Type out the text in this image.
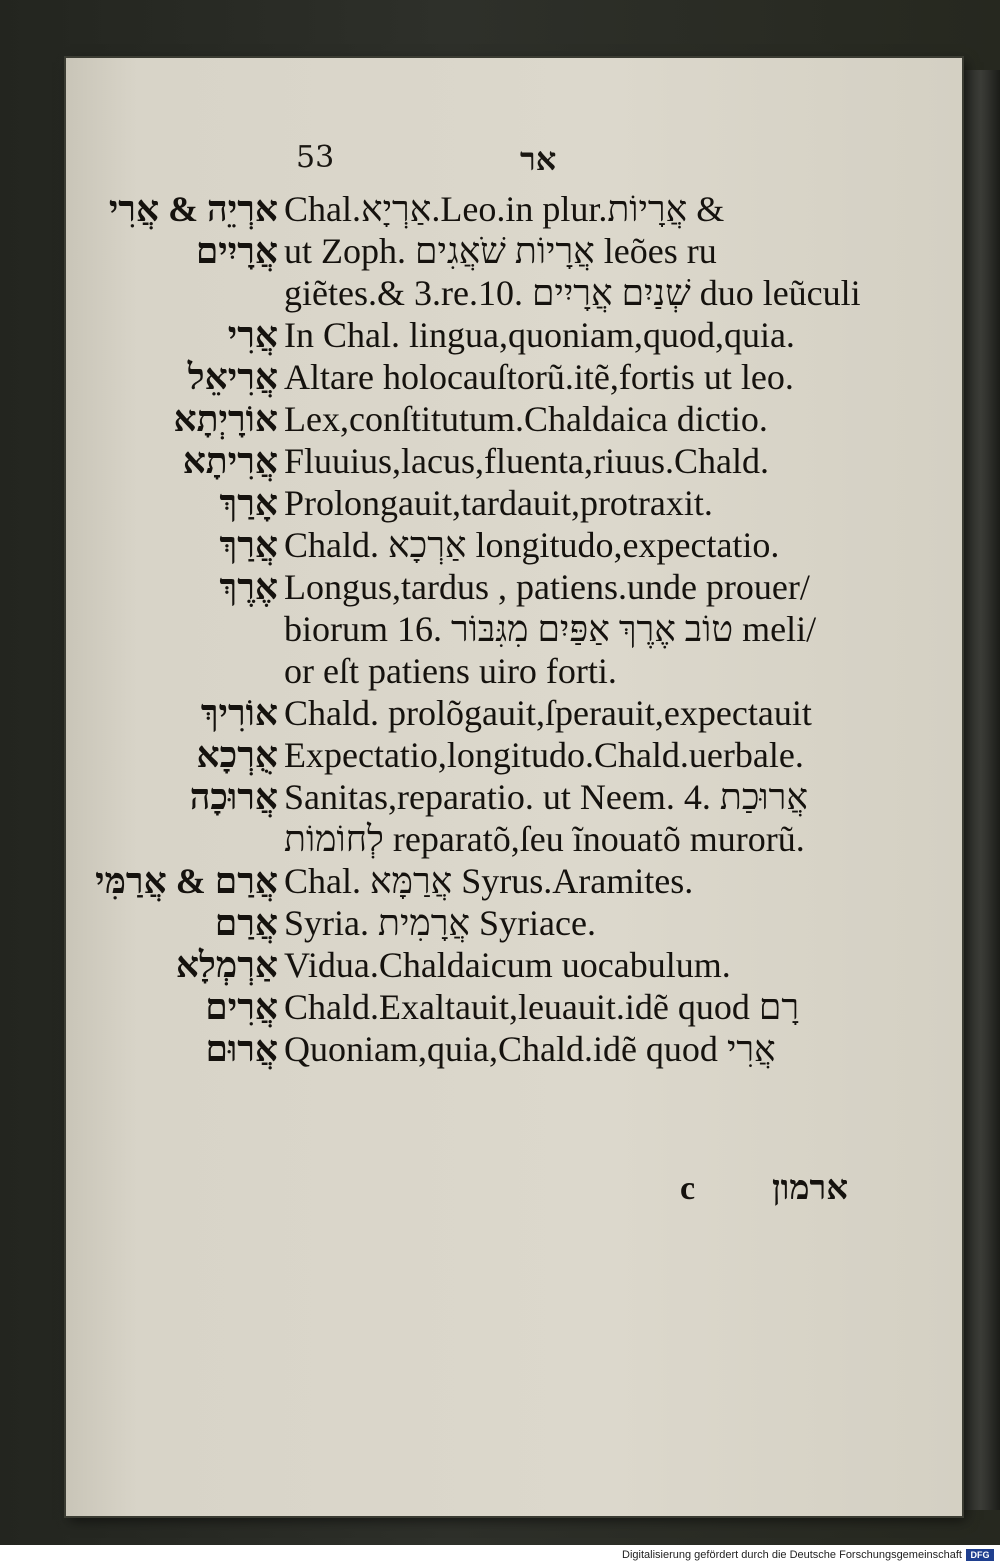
53	אר
ארְיֵה & אֲרִי Chal.אַרְיָא.Leo.in plur.אֲרָיוֹת &
אֲרָיִים ut Zoph. אֲרָיוֹת שֹׁאֲגִים leões ru
giẽtes.& 3.re.10. שְׁנַיִם אֲרָיִים duo leũculi
אֲרִי In Chal. lingua,quoniam,quod,quia.
אֲרִיאֵל Altare holocauſtorũ.itẽ,fortis ut leo.
אוֹרָיְתָא Lex,conſtitutum.Chaldaica dictio.
אֲרִיתָא Fluuius,lacus,fluenta,riuus.Chald.
אָרַךְ Prolongauit,tardauit,protraxit.
אֲרַךְ Chald. אַרְכָא longitudo,expectatio.
אֶרֶךְ Longus,tardus , patiens.unde prouer/
biorum 16. טוֹב אֶרֶךְ אַפַּיִם מִגִּבּוֹר meli/
or eſt patiens uiro forti.
אוֹרִיךְ Chald. prolõgauit,ſperauit,expectauit
אֻרְכָא Expectatio,longitudo.Chald.uerbale.
אֲרוּכָה Sanitas,reparatio. ut Neem. 4. אֲרוּכַת
לְחוֹמוֹת reparatõ,ſeu ĩnouatõ murorũ.
אֲרַם & אֲרַמִּי Chal. אֲרַמָּא Syrus.Aramites.
אֲרַם Syria. אֲרָמִית Syriace.
אַרְמְלָא Vidua.Chaldaicum uocabulum.
אֲרִים Chald.Exaltauit,leuauit.idẽ quod רָם
אֲרוּם Quoniam,quia,Chald.idẽ quod אֲרִי
c ארמון
Digitalisierung gefördert durch die Deutsche Forschungsgemeinschaft DFG
